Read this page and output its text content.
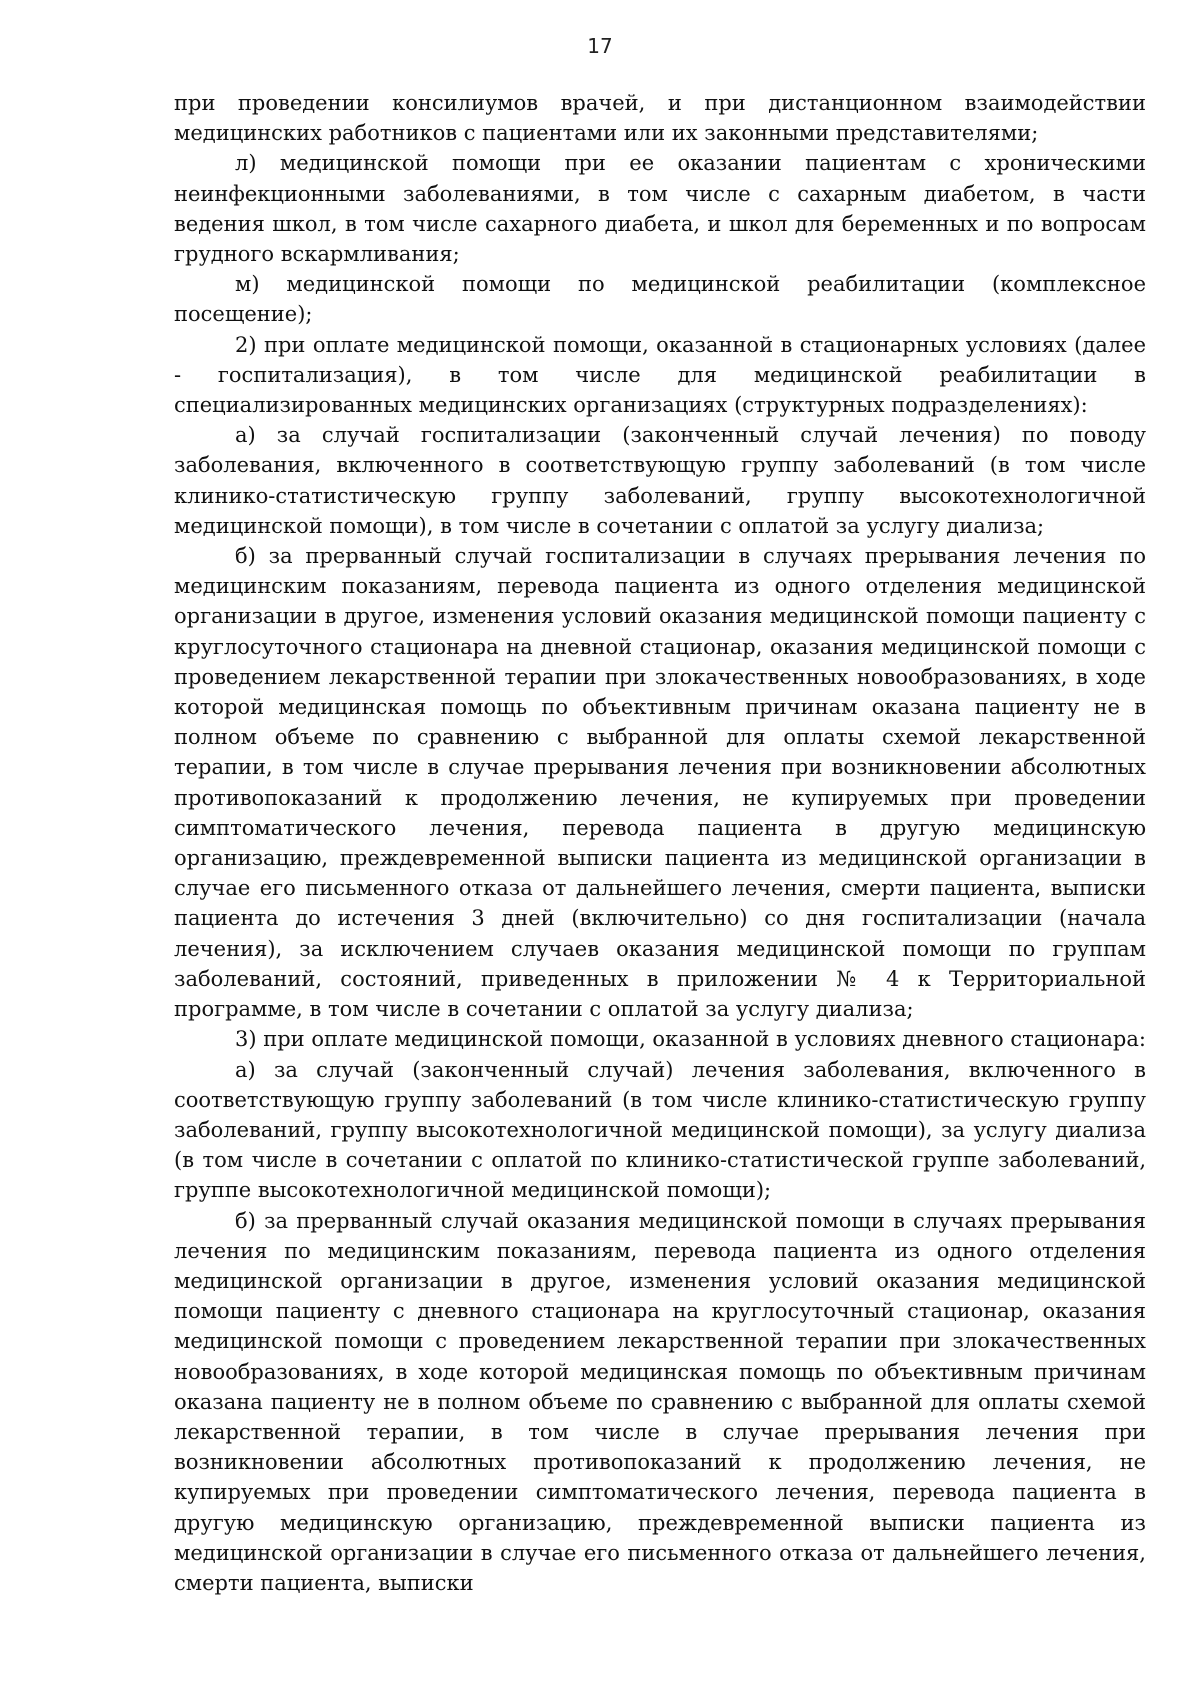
17

при проведении консилиумов врачей, и при дистанционном взаимодействии медицинских работников с пациентами или их законными представителями;

л) медицинской помощи при ее оказании пациентам с хроническими неинфекционными заболеваниями, в том числе с сахарным диабетом, в части ведения школ, в том числе сахарного диабета, и школ для беременных и по вопросам грудного вскармливания;

м) медицинской помощи по медицинской реабилитации (комплексное посещение);

2) при оплате медицинской помощи, оказанной в стационарных условиях (далее - госпитализация), в том числе для медицинской реабилитации в специализированных медицинских организациях (структурных подразделениях):

а) за случай госпитализации (законченный случай лечения) по поводу заболевания, включенного в соответствующую группу заболеваний (в том числе клинико-статистическую группу заболеваний, группу высокотехнологичной медицинской помощи), в том числе в сочетании с оплатой за услугу диализа;

б) за прерванный случай госпитализации в случаях прерывания лечения по медицинским показаниям, перевода пациента из одного отделения медицинской организации в другое, изменения условий оказания медицинской помощи пациенту с круглосуточного стационара на дневной стационар, оказания медицинской помощи с проведением лекарственной терапии при злокачественных новообразованиях, в ходе которой медицинская помощь по объективным причинам оказана пациенту не в полном объеме по сравнению с выбранной для оплаты схемой лекарственной терапии, в том числе в случае прерывания лечения при возникновении абсолютных противопоказаний к продолжению лечения, не купируемых при проведении симптоматического лечения, перевода пациента в другую медицинскую организацию, преждевременной выписки пациента из медицинской организации в случае его письменного отказа от дальнейшего лечения, смерти пациента, выписки пациента до истечения 3 дней (включительно) со дня госпитализации (начала лечения), за исключением случаев оказания медицинской помощи по группам заболеваний, состояний, приведенных в приложении № 4 к Территориальной программе, в том числе в сочетании с оплатой за услугу диализа;

3) при оплате медицинской помощи, оказанной в условиях дневного стационара:

а) за случай (законченный случай) лечения заболевания, включенного в соответствующую группу заболеваний (в том числе клинико-статистическую группу заболеваний, группу высокотехнологичной медицинской помощи), за услугу диализа (в том числе в сочетании с оплатой по клинико-статистической группе заболеваний, группе высокотехнологичной медицинской помощи);

б) за прерванный случай оказания медицинской помощи в случаях прерывания лечения по медицинским показаниям, перевода пациента из одного отделения медицинской организации в другое, изменения условий оказания медицинской помощи пациенту с дневного стационара на круглосуточный стационар, оказания медицинской помощи с проведением лекарственной терапии при злокачественных новообразованиях, в ходе которой медицинская помощь по объективным причинам оказана пациенту не в полном объеме по сравнению с выбранной для оплаты схемой лекарственной терапии, в том числе в случае прерывания лечения при возникновении абсолютных противопоказаний к продолжению лечения, не купируемых при проведении симптоматического лечения, перевода пациента в другую медицинскую организацию, преждевременной выписки пациента из медицинской организации в случае его письменного отказа от дальнейшего лечения, смерти пациента, выписки
